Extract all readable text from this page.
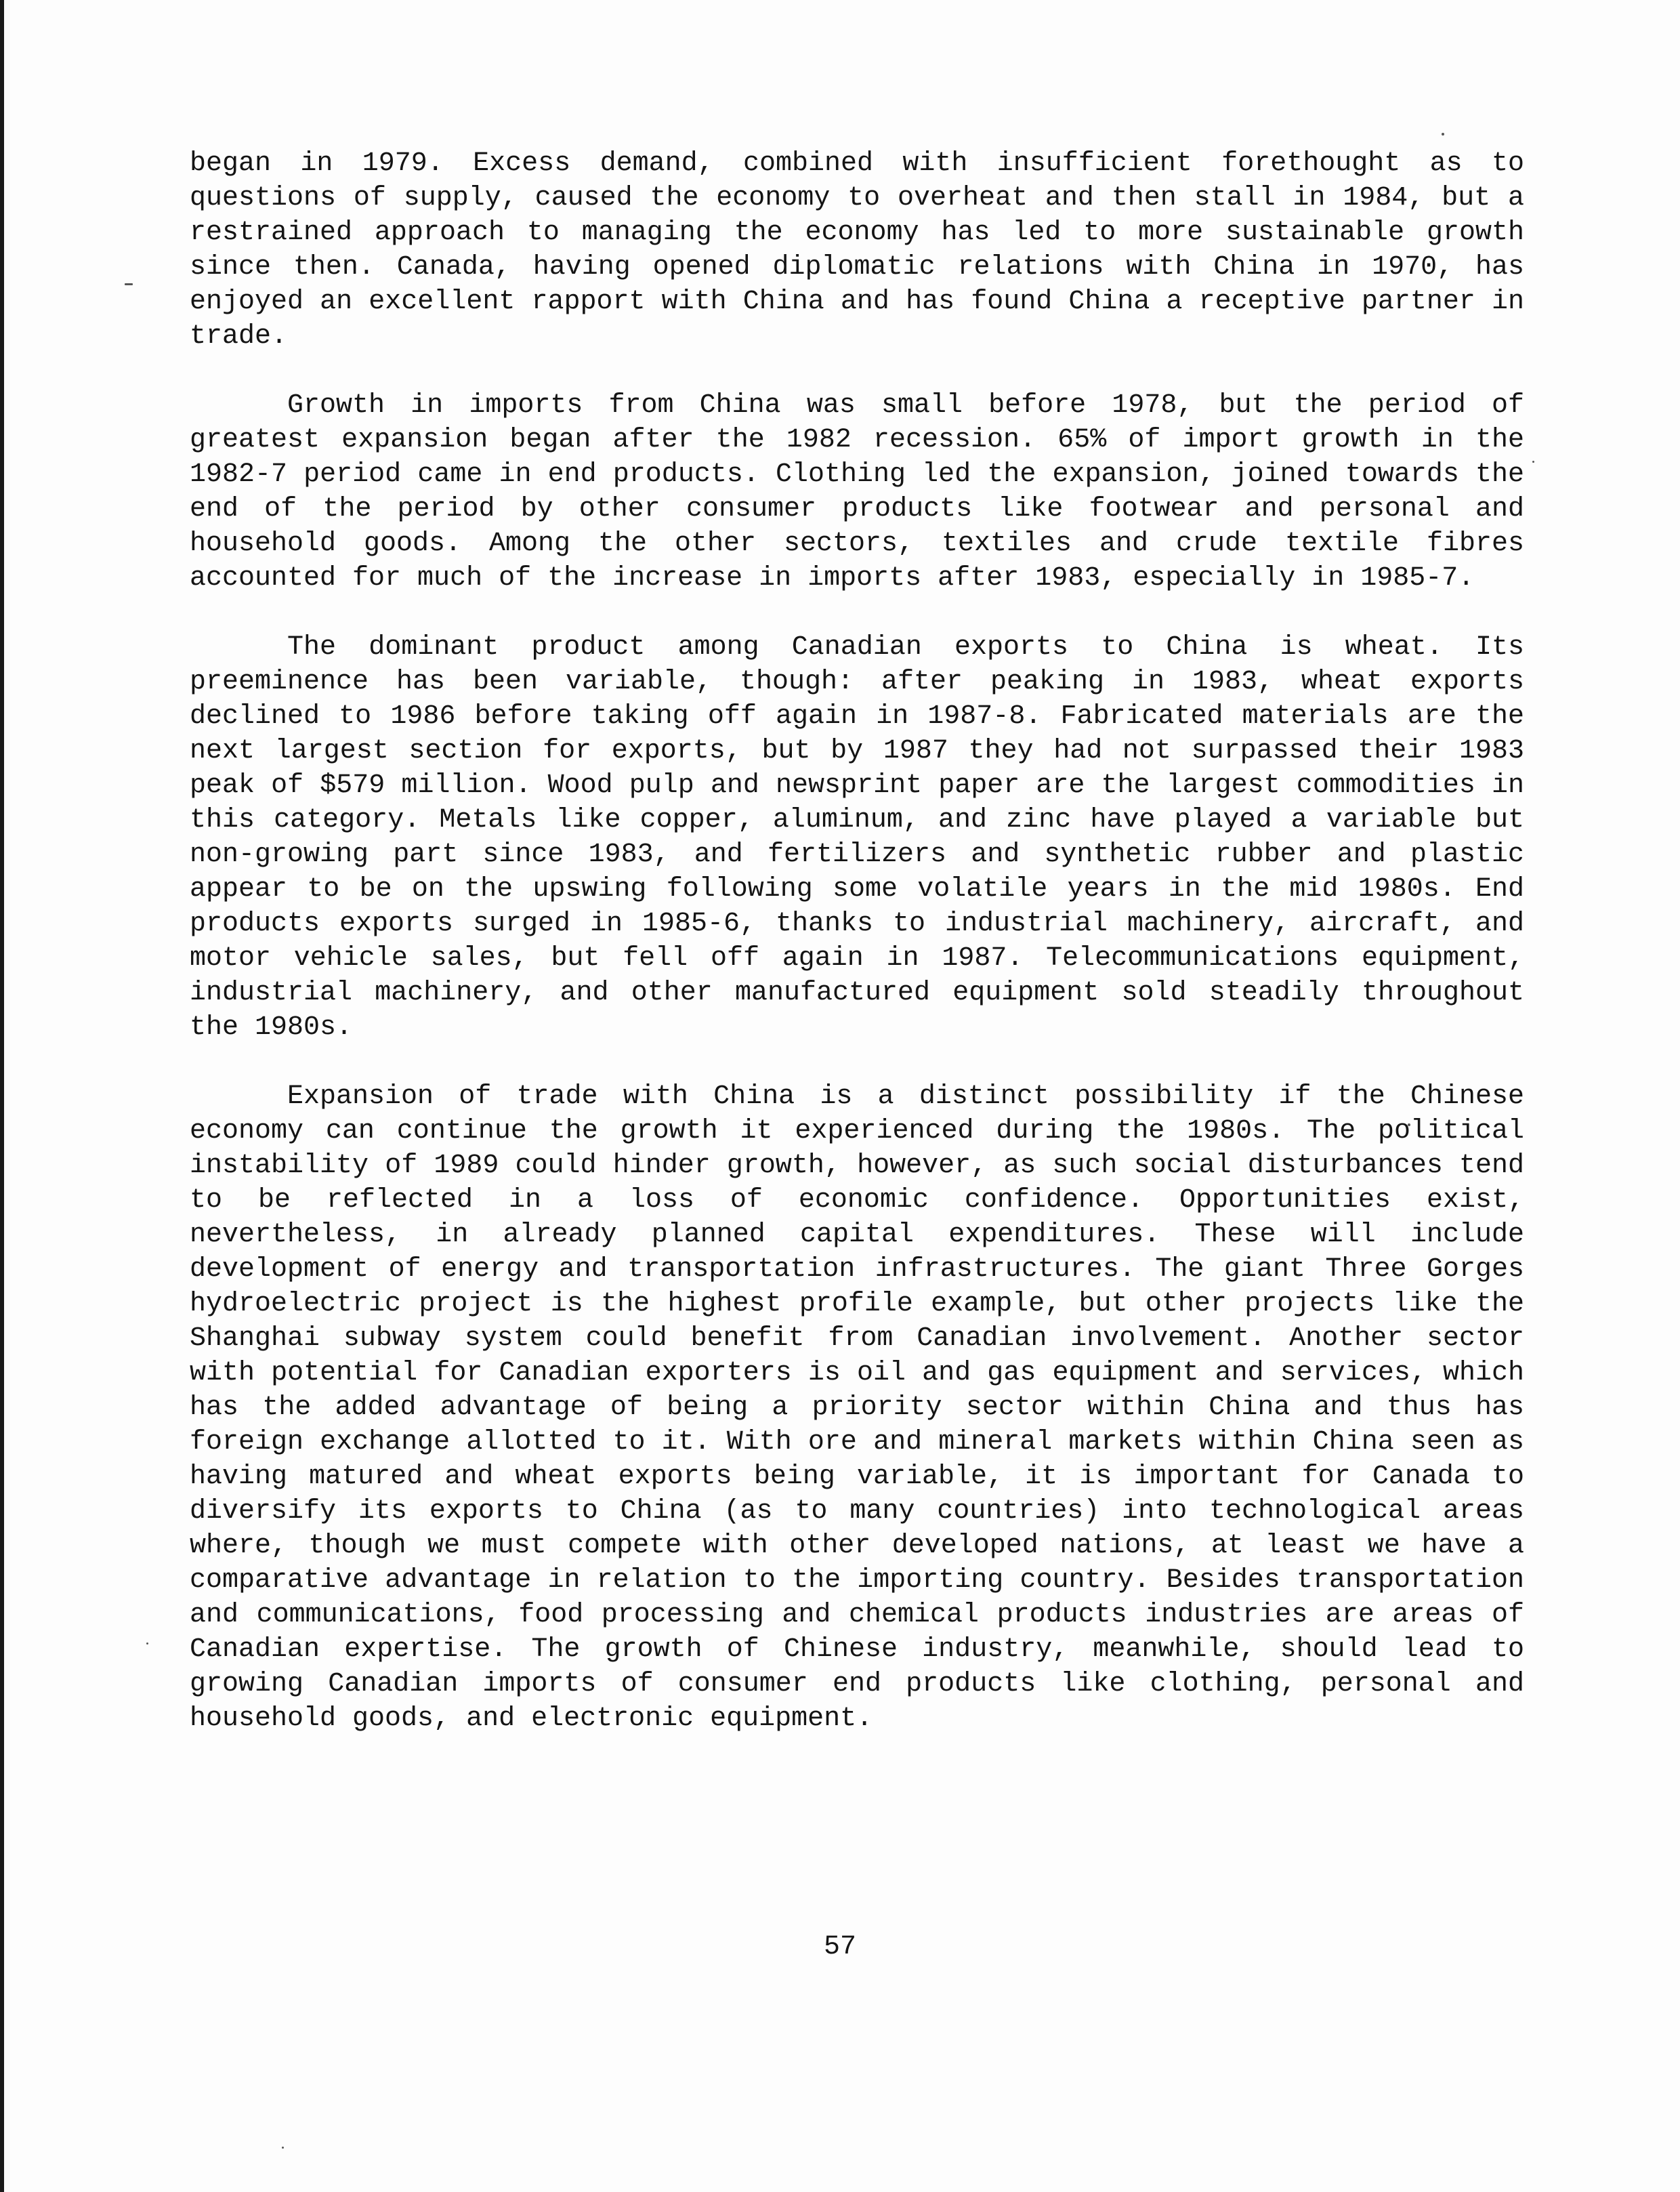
began in 1979. Excess demand, combined with insufficient forethought as to questions of supply, caused the economy to overheat and then stall in 1984, but a restrained approach to managing the economy has led to more sustainable growth since then. Canada, having opened diplomatic relations with China in 1970, has enjoyed an excellent rapport with China and has found China a receptive partner in trade.

Growth in imports from China was small before 1978, but the period of greatest expansion began after the 1982 recession. 65% of import growth in the 1982-7 period came in end products. Clothing led the expansion, joined towards the end of the period by other consumer products like footwear and personal and household goods. Among the other sectors, textiles and crude textile fibres accounted for much of the increase in imports after 1983, especially in 1985-7.

The dominant product among Canadian exports to China is wheat. Its preeminence has been variable, though: after peaking in 1983, wheat exports declined to 1986 before taking off again in 1987-8. Fabricated materials are the next largest section for exports, but by 1987 they had not surpassed their 1983 peak of $579 million. Wood pulp and newsprint paper are the largest commodities in this category. Metals like copper, aluminum, and zinc have played a variable but non-growing part since 1983, and fertilizers and synthetic rubber and plastic appear to be on the upswing following some volatile years in the mid 1980s. End products exports surged in 1985-6, thanks to industrial machinery, aircraft, and motor vehicle sales, but fell off again in 1987. Telecommunications equipment, industrial machinery, and other manufactured equipment sold steadily throughout the 1980s.

Expansion of trade with China is a distinct possibility if the Chinese economy can continue the growth it experienced during the 1980s. The political instability of 1989 could hinder growth, however, as such social disturbances tend to be reflected in a loss of economic confidence. Opportunities exist, nevertheless, in already planned capital expenditures. These will include development of energy and transportation infrastructures. The giant Three Gorges hydroelectric project is the highest profile example, but other projects like the Shanghai subway system could benefit from Canadian involvement. Another sector with potential for Canadian exporters is oil and gas equipment and services, which has the added advantage of being a priority sector within China and thus has foreign exchange allotted to it. With ore and mineral markets within China seen as having matured and wheat exports being variable, it is important for Canada to diversify its exports to China (as to many countries) into technological areas where, though we must compete with other developed nations, at least we have a comparative advantage in relation to the importing country. Besides transportation and communications, food processing and chemical products industries are areas of Canadian expertise. The growth of Chinese industry, meanwhile, should lead to growing Canadian imports of consumer end products like clothing, personal and household goods, and electronic equipment.

57
